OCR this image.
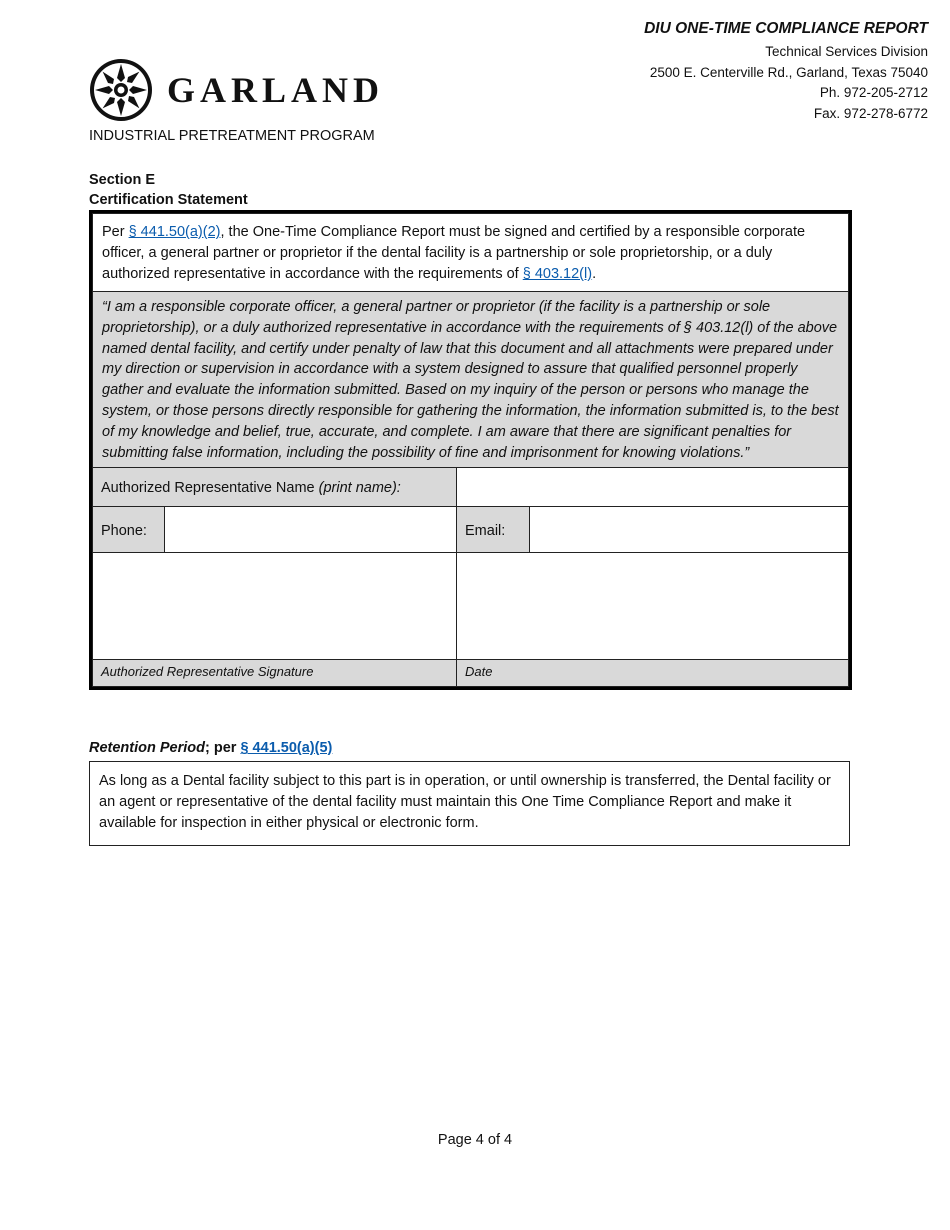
GARLAND
INDUSTRIAL PRETREATMENT PROGRAM
DIU ONE-TIME COMPLIANCE REPORT
Technical Services Division
2500 E. Centerville Rd., Garland, Texas 75040
Ph. 972-205-2712
Fax. 972-278-6772
Section E
Certification Statement
Per § 441.50(a)(2), the One-Time Compliance Report must be signed and certified by a responsible corporate officer, a general partner or proprietor if the dental facility is a partnership or sole proprietorship, or a duly authorized representative in accordance with the requirements of § 403.12(l).			
“I am a responsible corporate officer, a general partner or proprietor (if the facility is a partnership or sole proprietorship), or a duly authorized representative in accordance with the requirements of § 403.12(l) of the above named dental facility, and certify under penalty of law that this document and all attachments were prepared under my direction or supervision in accordance with a system designed to assure that qualified personnel properly gather and evaluate the information submitted. Based on my inquiry of the person or persons who manage the system, or those persons directly responsible for gathering the information, the information submitted is, to the best of my knowledge and belief, true, accurate, and complete. I am aware that there are significant penalties for submitting false information, including the possibility of fine and imprisonment for knowing violations.”			
Authorized Representative Name (print name):			
Phone:		Email:	

Authorized Representative Signature		Date	
Retention Period; per § 441.50(a)(5)
As long as a Dental facility subject to this part is in operation, or until ownership is transferred, the Dental facility or an agent or representative of the dental facility must maintain this One Time Compliance Report and make it available for inspection in either physical or electronic form.
Page 4 of 4
